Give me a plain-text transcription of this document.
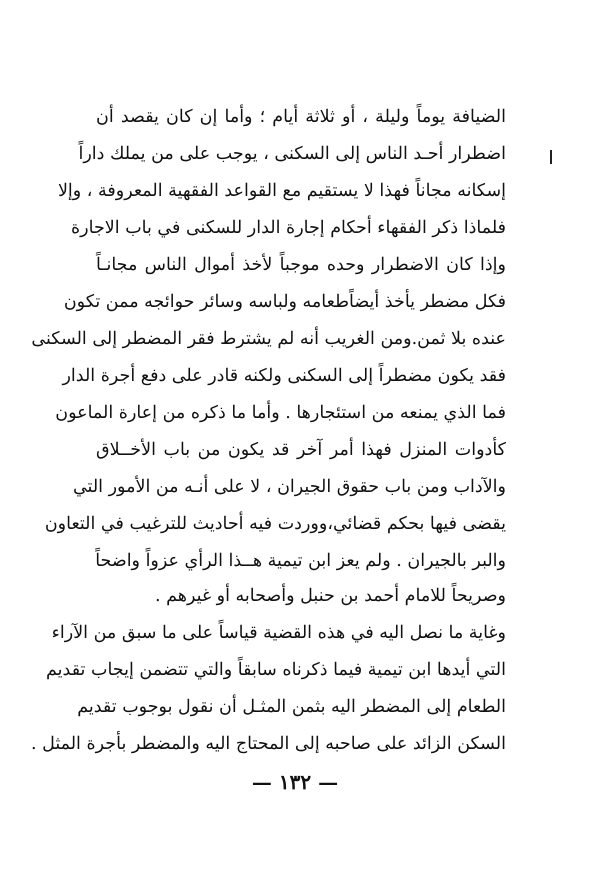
الضيافة يوماً وليلة ، أو ثلاثة أيام ؛ وأما إن كان يقصد أن
اضطرار أحـد الناس إلى السكنى ، يوجب على من يملك داراً
إسكانه مجاناً فهذا لا يستقيم مع القواعد الفقهية المعروفة ، وإلا
فلماذا ذكر الفقهاء أحكام إجارة الدار للسكنى في باب الاجارة
وإذا كان الاضطرار وحده موجباً لأخذ أموال الناس مجانـاً
فكل مضطر يأخذ أيضاًطعامه ولباسه وسائر حوائجه ممن تكون
عنده بلا ثمن.ومن الغريب أنه لم يشترط فقر المضطر إلى السكنى
فقد يكون مضطراً إلى السكنى ولكنه قادر على دفع أجرة الدار
فما الذي يمنعه من استئجارها . وأما ما ذكره من إعارة الماعون
كأدوات المنزل فهذا أمر آخر قد يكون من باب الأخــلاق
والآداب ومن باب حقوق الجيران ، لا على أنـه من الأمور التي
يقضى فيها بحكم قضائي،ووردت فيه أحاديث للترغيب في التعاون
والبر بالجيران . ولم يعز ابن تيمية هــذا الرأي عزواً واضحاً
وصريحاً للامام أحمد بن حنبل وأصحابه أو غيرهم .
وغاية ما نصل اليه في هذه القضية قياساً على ما سبق من الآراء
التي أيدها ابن تيمية فيما ذكرناه سابقاً والتي تتضمن إيجاب تقديم
الطعام إلى المضطر اليه بثمن المثـل أن نقول بوجوب تقديم
السكن الزائد على صاحبه إلى المحتاج اليه والمضطر بأجرة المثل .
— ١٣٢ —
